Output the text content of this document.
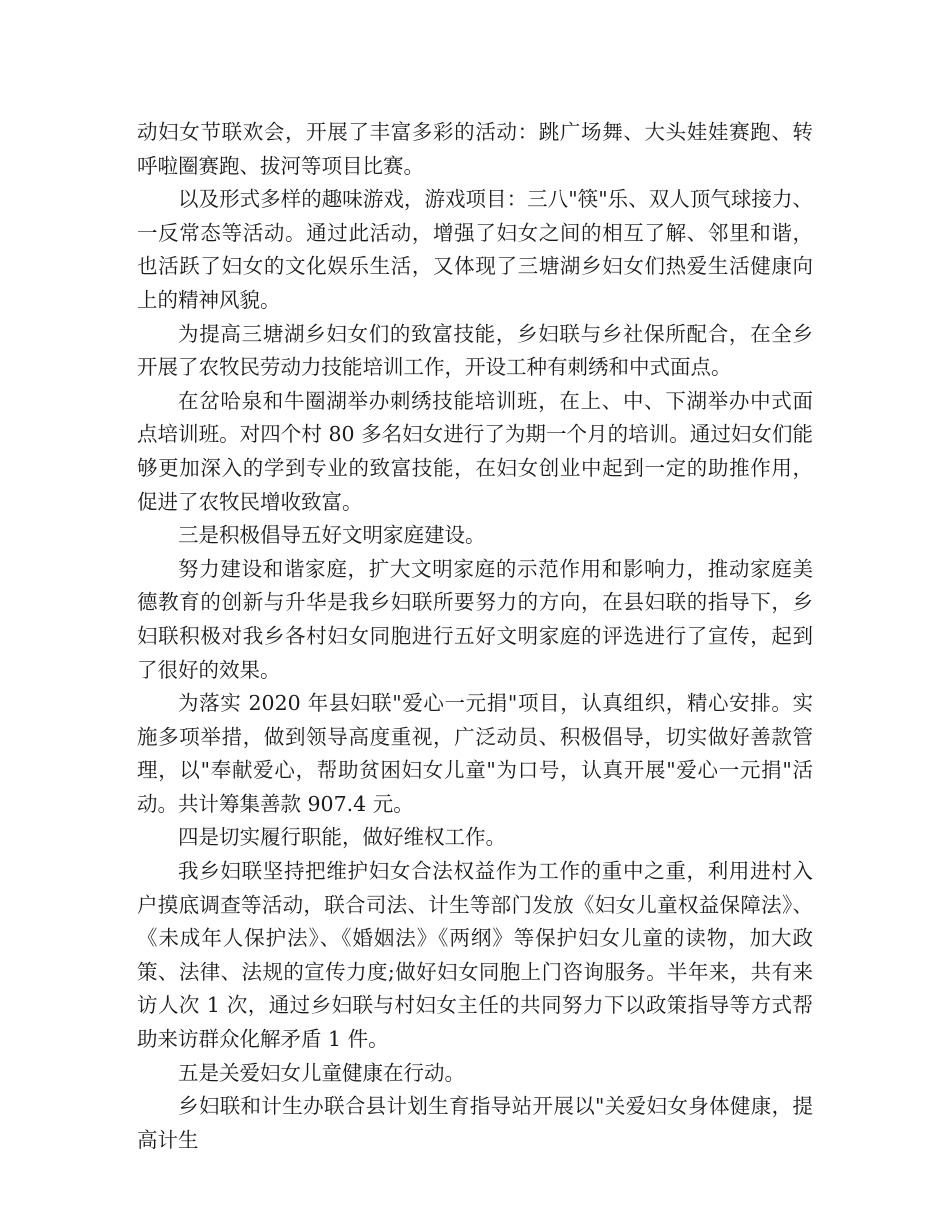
动妇女节联欢会，开展了丰富多彩的活动：跳广场舞、大头娃娃赛跑、转呼啦圈赛跑、拔河等项目比赛。

以及形式多样的趣味游戏，游戏项目：三八"筷"乐、双人顶气球接力、一反常态等活动。通过此活动，增强了妇女之间的相互了解、邻里和谐，也活跃了妇女的文化娱乐生活，又体现了三塘湖乡妇女们热爱生活健康向上的精神风貌。

为提高三塘湖乡妇女们的致富技能，乡妇联与乡社保所配合，在全乡开展了农牧民劳动力技能培训工作，开设工种有刺绣和中式面点。

在岔哈泉和牛圈湖举办刺绣技能培训班，在上、中、下湖举办中式面点培训班。对四个村 80 多名妇女进行了为期一个月的培训。通过妇女们能够更加深入的学到专业的致富技能，在妇女创业中起到一定的助推作用，促进了农牧民增收致富。

三是积极倡导五好文明家庭建设。

努力建设和谐家庭，扩大文明家庭的示范作用和影响力，推动家庭美德教育的创新与升华是我乡妇联所要努力的方向，在县妇联的指导下，乡妇联积极对我乡各村妇女同胞进行五好文明家庭的评选进行了宣传，起到了很好的效果。

为落实 2020 年县妇联"爱心一元捐"项目，认真组织，精心安排。实施多项举措，做到领导高度重视，广泛动员、积极倡导，切实做好善款管理，以"奉献爱心，帮助贫困妇女儿童"为口号，认真开展"爱心一元捐"活动。共计筹集善款 907.4 元。

四是切实履行职能，做好维权工作。

我乡妇联坚持把维护妇女合法权益作为工作的重中之重，利用进村入户摸底调查等活动，联合司法、计生等部门发放《妇女儿童权益保障法》、《未成年人保护法》、《婚姻法》《两纲》等保护妇女儿童的读物，加大政策、法律、法规的宣传力度;做好妇女同胞上门咨询服务。半年来，共有来访人次 1 次，通过乡妇联与村妇女主任的共同努力下以政策指导等方式帮助来访群众化解矛盾 1 件。

五是关爱妇女儿童健康在行动。

乡妇联和计生办联合县计划生育指导站开展以"关爱妇女身体健康，提高计生
